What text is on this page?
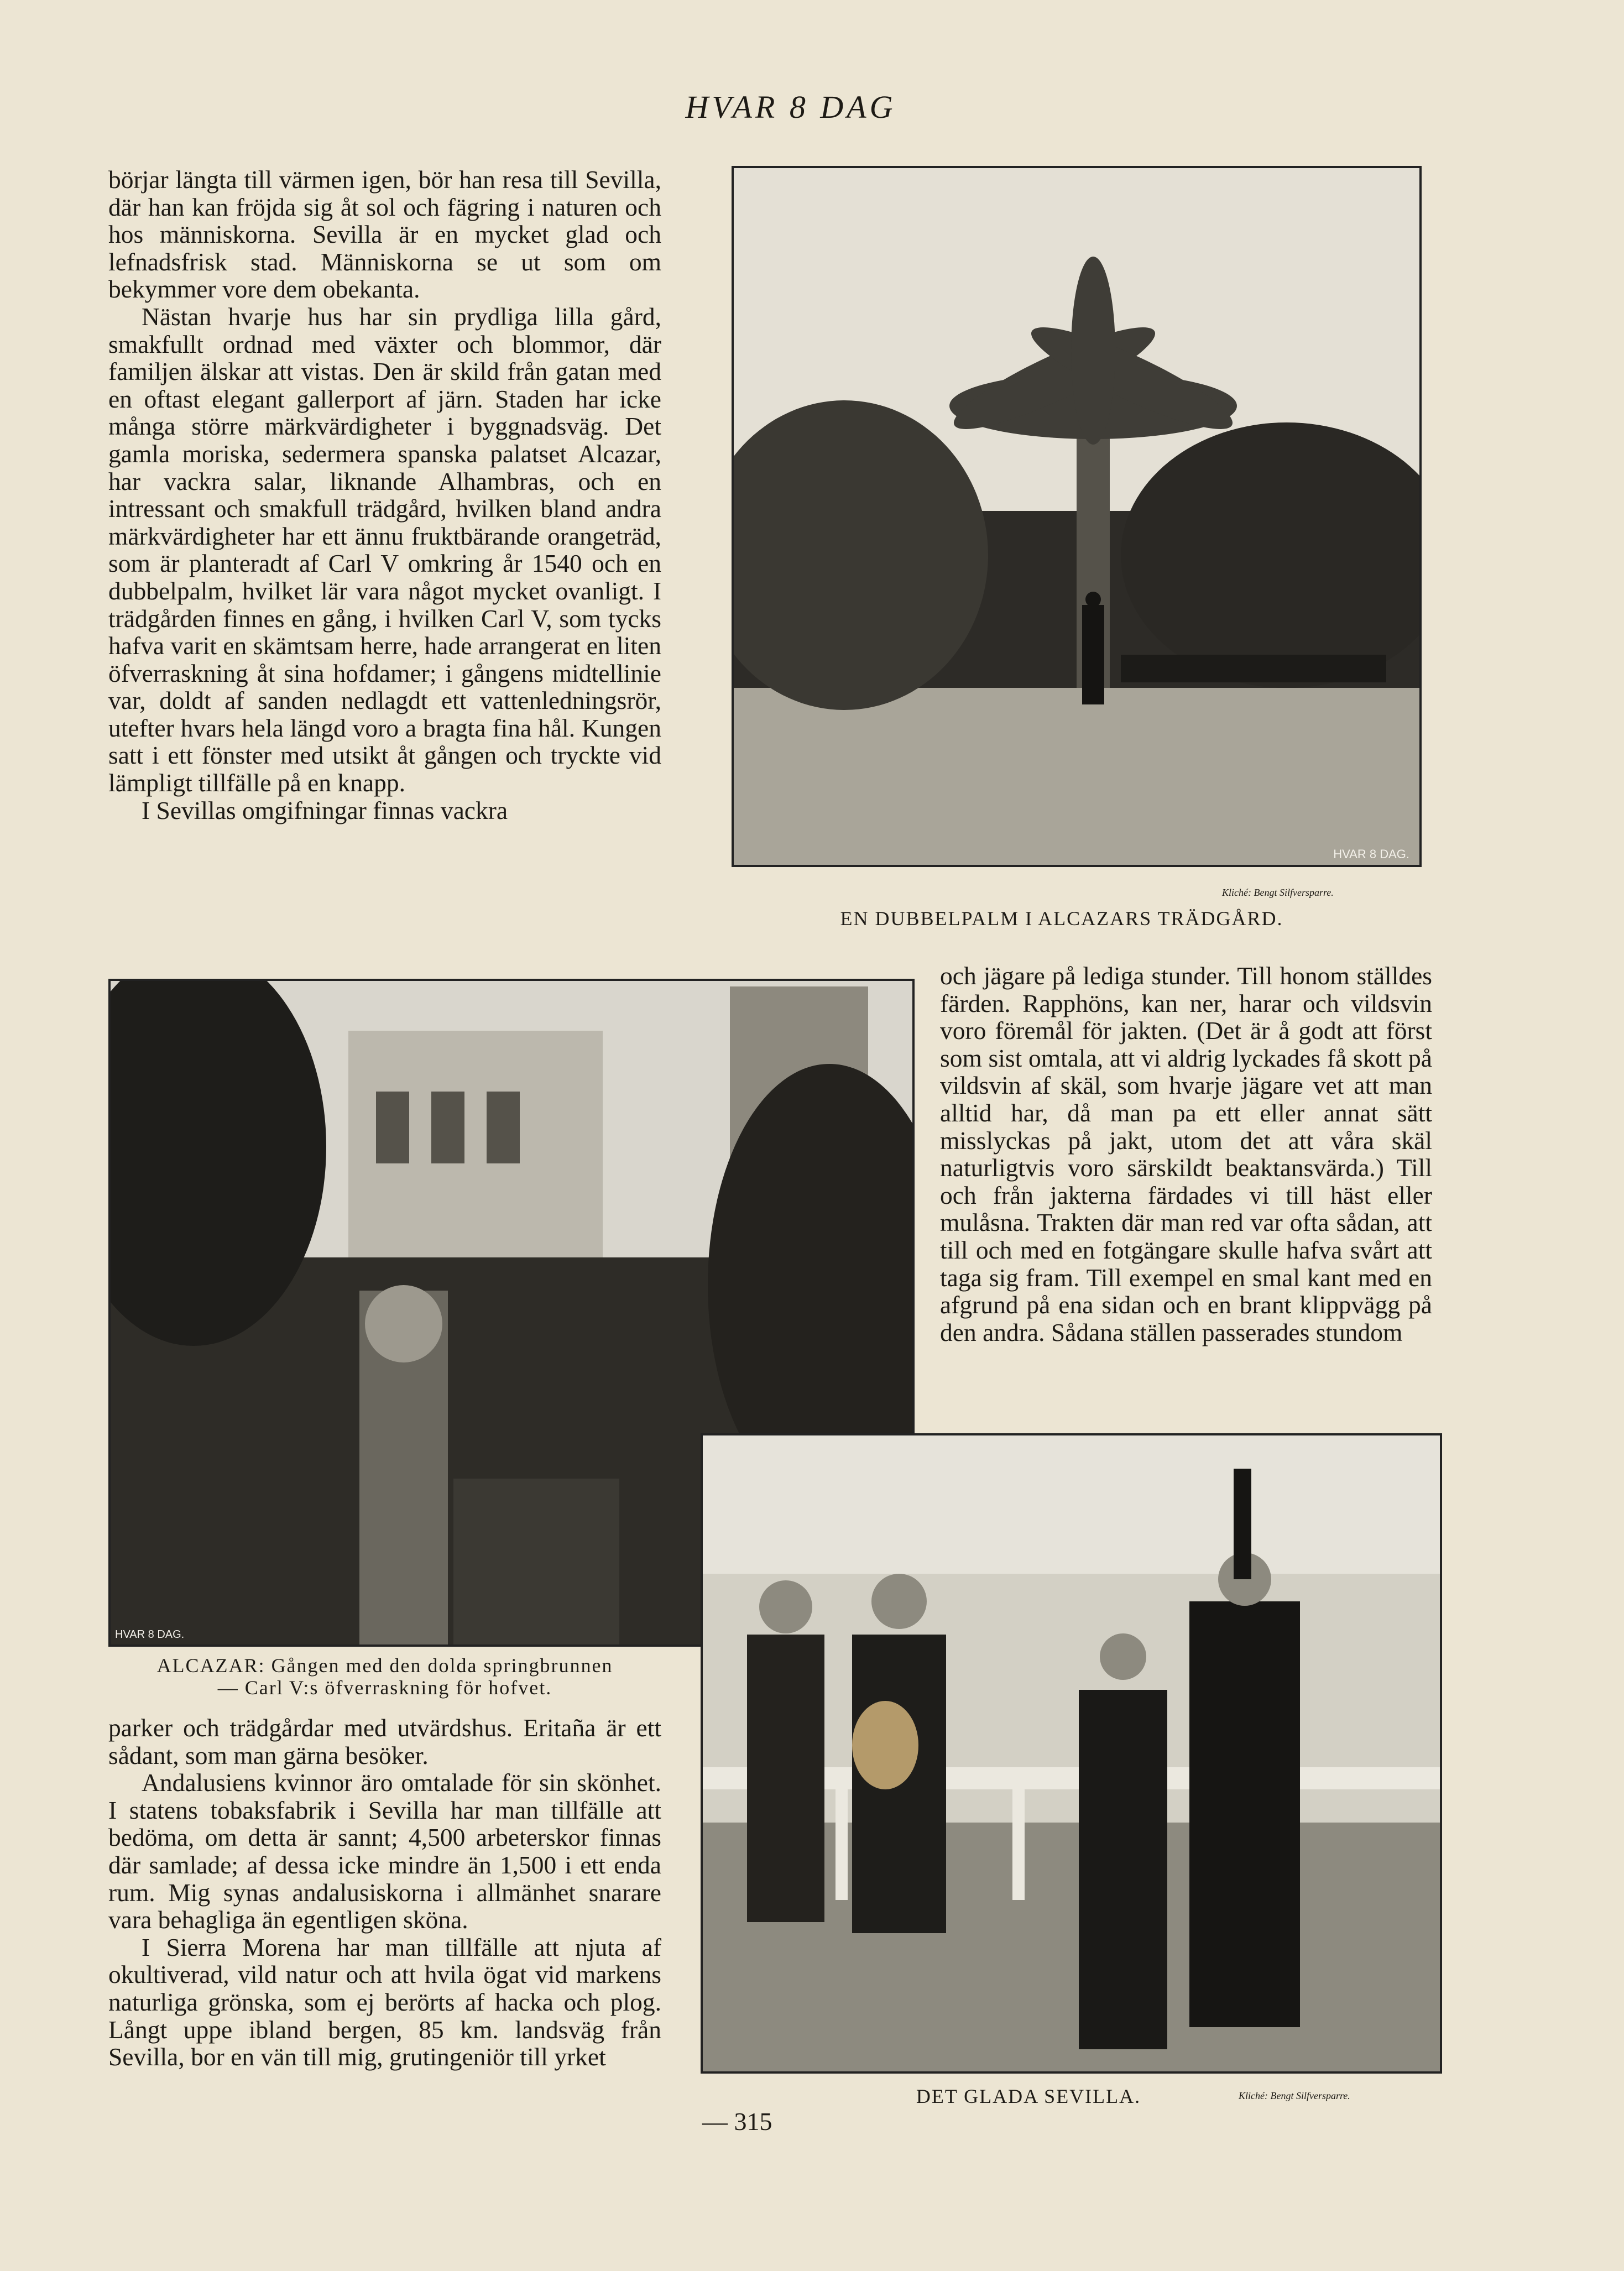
HVAR 8 DAG

börjar längta till värmen igen, bör han resa till Sevilla, där han kan fröjda sig åt sol och fägring i naturen och hos människorna. Sevilla är en mycket glad och lefnadsfrisk stad. Människorna se ut som om bekymmer vore dem obekanta.

Nästan hvarje hus har sin prydliga lilla gård, smakfullt ordnad med växter och blommor, där familjen älskar att vistas. Den är skild från gatan med en oftast elegant gallerport af järn. Staden har icke många större märkvärdigheter i byggnadsväg. Det gamla moriska, sedermera spanska palatset Alcazar, har vackra salar, liknande Alhambras, och en intressant och smakfull trädgård, hvilken bland andra märkvärdigheter har ett ännu fruktbärande orangeträd, som är planteradt af Carl V omkring år 1540 och en dubbelpalm, hvilket lär vara något mycket ovanligt. I trädgården finnes en gång, i hvilken Carl V, som tycks hafva varit en skämtsam herre, hade arrangerat en liten öfverraskning åt sina hofdamer; i gångens midtellinie var, doldt af sanden nedlagdt ett vattenledningsrör, utefter hvars hela längd voro a bragta fina hål. Kungen satt i ett fönster med utsikt åt gången och tryckte vid lämpligt tillfälle på en knapp.

I Sevillas omgifningar finnas vackra

HVAR 8 DAG.
Kliché: Bengt Silfversparre.
EN DUBBELPALM I ALCAZARS TRÄDGÅRD.
HVAR 8 DAG.
ALCAZAR: Gången med den dolda springbrunnen
— Carl V:s öfverraskning för hofvet.

och jägare på lediga stunder. Till honom ställdes färden. Rapphöns, kan ner, harar och vildsvin voro föremål för jakten. (Det är å godt att först som sist omtala, att vi aldrig lyckades få skott på vildsvin af skäl, som hvarje jägare vet att man alltid har, då man pa ett eller annat sätt misslyckas på jakt, utom det att våra skäl naturligtvis voro särskildt beaktansvärda.) Till och från jakterna färdades vi till häst eller mulåsna. Trakten där man red var ofta sådan, att till och med en fotgängare skulle hafva svårt att taga sig fram. Till exempel en smal kant med en afgrund på ena sidan och en brant klippvägg på den andra. Sådana ställen passerades stundom

DET GLADA SEVILLA.	Kliché: Bengt Silfversparre.

parker och trädgårdar med utvärdshus. Eritaña är ett sådant, som man gärna besöker.

Andalusiens kvinnor äro omtalade för sin skönhet. I statens tobaksfabrik i Sevilla har man tillfälle att bedöma, om detta är sannt; 4,500 arbeterskor finnas där samlade; af dessa icke mindre än 1,500 i ett enda rum. Mig synas andalusiskorna i allmänhet snarare vara behagliga än egentligen sköna.

I Sierra Morena har man tillfälle att njuta af okultiverad, vild natur och att hvila ögat vid markens naturliga grönska, som ej berörts af hacka och plog. Långt uppe ibland bergen, 85 km. landsväg från Sevilla, bor en vän till mig, grutingeniör till yrket

— 315
